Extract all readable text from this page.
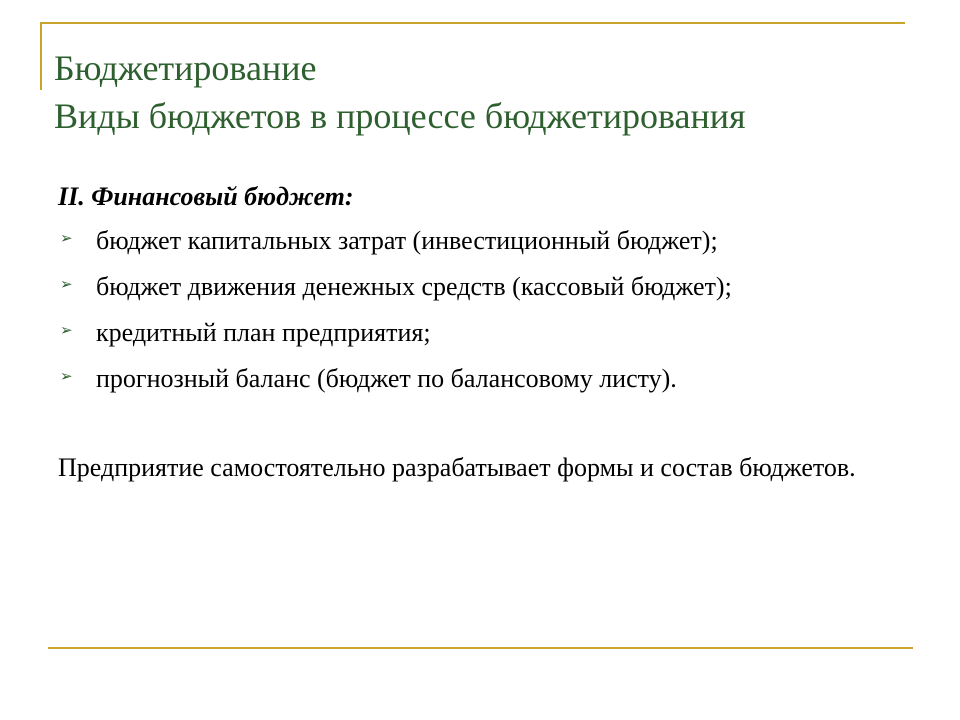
Бюджетирование
Виды бюджетов в процессе бюджетирования
II. Финансовый бюджет:
➢ бюджет капитальных затрат (инвестиционный бюджет);
➢ бюджет движения денежных средств (кассовый бюджет);
➢ кредитный план предприятия;
➢ прогнозный баланс (бюджет по балансовому листу).
Предприятие самостоятельно разрабатывает формы и состав бюджетов.
